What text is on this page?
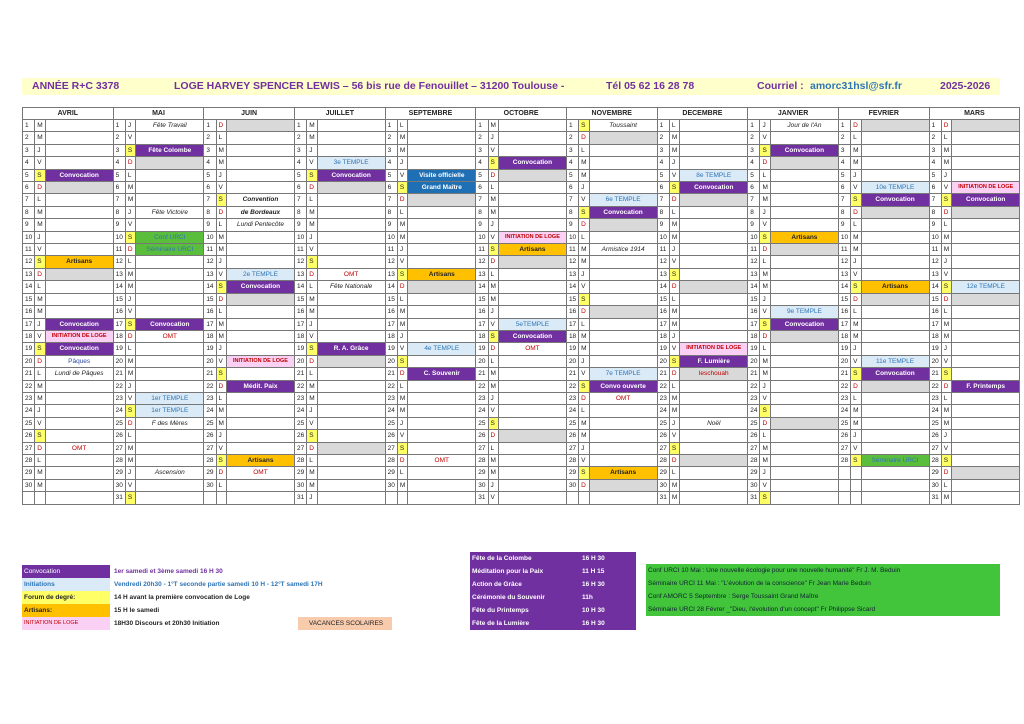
ANNÉE R+C 3378	LOGE HARVEY SPENCER LEWIS – 56 bis rue de Fenouillet – 31200 Toulouse -	Tél 05 62 16 28 78	Courriel : amorc31hsl@sfr.fr	2025-2026
AVRIL			MAI			JUIN			JUILLET			SEPTEMBRE			OCTOBRE			NOVEMBRE			DECEMBRE			JANVIER			FEVRIER			MARS		
1	M		1	J	Fête Travail	1	D		1	M		1	L		1	M		1	S	Toussaint	1	L		1	J	Jour de l'An	1	D		1	D	
2	M		2	V		2	L		2	M		2	M		2	J		2	D		2	M		2	V		2	L		2	L	
3	J		3	S	Fête Colombe	3	M		3	J		3	M		3	V		3	L		3	M		3	S	Convocation	3	M		3	M	
4	V		4	D		4	M		4	V	3e TEMPLE	4	J		4	S	Convocation	4	M		4	J		4	D		4	M		4	M	
5	S	Convocation	5	L		5	J		5	S	Convocation	5	V	Visite officielle	5	D		5	M		5	V	8e TEMPLE	5	L		5	J		5	J	
6	D		6	M		6	V		6	D		6	S	Grand Maître	6	L		6	J		6	S	Convocation	6	M		6	V	10e TEMPLE	6	V	INITIATION DE LOGE
7	L		7	M		7	S	Convention	7	L		7	D		7	M		7	V	6e TEMPLE	7	D		7	M		7	S	Convocation	7	S	Convocation
8	M		8	J	Fête Victoire	8	D	de Bordeaux	8	M		8	L		8	M		8	S	Convocation	8	L		8	J		8	D		8	D	
9	M		9	V		9	L	Lundi Pentecôte	9	M		9	M		9	J		9	D		9	M		9	V		9	L		9	L	
10	J		10	S	Conf URCI	10	M		10	J		10	M		10	V	INITIATION DE LOGE	10	L		10	M		10	S	Artisans	10	M		10	M	
11	V		11	D	Séminaire URCI	11	M		11	V		11	J		11	S	Artisans	11	M	Armistice 1914	11	J		11	D		11	M		11	M	
12	S	Artisans	12	L		12	J		12	S		12	V		12	D		12	M		12	V		12	L		12	J		12	J	
13	D		13	M		13	V	2e TEMPLE	13	D	OMT	13	S	Artisans	13	L		13	J		13	S		13	M		13	V		13	V	
14	L		14	M		14	S	Convocation	14	L	Fête Nationale	14	D		14	M		14	V		14	D		14	M		14	S	Artisans	14	S	12e TEMPLE
15	M		15	J		15	D		15	M		15	L		15	M		15	S		15	L		15	J		15	D		15	D	
16	M		16	V		16	L		16	M		16	M		16	J		16	D		16	M		16	V	9e TEMPLE	16	L		16	L	
17	J	Convocation	17	S	Convocation	17	M		17	J		17	M		17	V	5eTEMPLE	17	L		17	M		17	S	Convocation	17	M		17	M	
18	V	INITIATION DE LOGE	18	D	OMT	18	M		18	V		18	J		18	S	Convocation	18	M		18	J		18	D		18	M		18	M	
19	S	Convocation	19	L		19	J		19	S	R. A. Grâce	19	V	4e TEMPLE	19	D	OMT	19	M		19	V	INITIATION DE LOGE	19	L		19	J		19	J	
20	D	Pâques	20	M		20	V	INITIATION DE LOGE	20	D		20	S		20	L		20	J		20	S	F. Lumière	20	M		20	V	11e TEMPLE	20	V	
21	L	Lundi de Pâques	21	M		21	S		21	L		21	D	C. Souvenir	21	M		21	V	7e TEMPLE	21	D	leschouah	21	M		21	S	Convocation	21	S	
22	M		22	J		22	D	Médit. Paix	22	M		22	L		22	M		22	S	Convo ouverte	22	L		22	J		22	D		22	D	F. Printemps
23	M		23	V	1er TEMPLE	23	L		23	M		23	M		23	J		23	D	OMT	23	M		23	V		23	L		23	L	
24	J		24	S	1er TEMPLE	24	M		24	J		24	M		24	V		24	L		24	M		24	S		24	M		24	M	
25	V		25	D	F des Mères	25	M		25	V		25	J		25	S		25	M		25	J	Noël	25	D		25	M		25	M	
26	S		26	L		26	J		26	S		26	V		26	D		26	M		26	V		26	L		26	J		26	J	
27	D	OMT	27	M		27	V		27	D		27	S		27	L		27	J		27	S		27	M		27	V		27	V	
28	L		28	M		28	S	Artisans	28	L		28	D	OMT	28	M		28	V		28	D		28	M		28	S	Séminaire URCI	28	S	
29	M		29	J	Ascension	29	D	OMT	29	M		29	L		29	M		29	S	Artisans	29	L		29	J					29	D	
30	M		30	V		30	L		30	M		30	M		30	J		30	D		30	M		30	V					30	L	
			31	S					31	J					31	V					31	M		31	S					31	M	
Convocation	1er samedi et 3ème samedi 16 H 30
Initiations	Vendredi 20h30 - 1°T seconde partie samedi 10 H - 12°T samedi 17H
Forum de degré:	14 H avant la première convocation de Loge
Artisans:	15 H le samedi
INITIATION DE LOGE	18H30 Discours et 20h30 Initiation	VACANCES SCOLAIRES
Fête de la Colombe	16 H 30
Méditation pour la Paix	11 H 15
Action de Grâce	16 H 30
Cérémonie du Souvenir	11h
Fête du Printemps	10 H 30
Fête de la Lumière	16 H 30
Conf URCI 10 Mai : Une nouvelle écologie pour une nouvelle humanité" Fr J. M. Beduin
Séminaire URCI 11 Mai : "L'évolution de la conscience" Fr Jean Marie Beduin
Conf AMORC 5 Septembre : Serge Toussaint Grand Maître
Séminaire URCI 28 Févrer _"Dieu, l'évolution d'un concept" Fr Philippse Sicard
